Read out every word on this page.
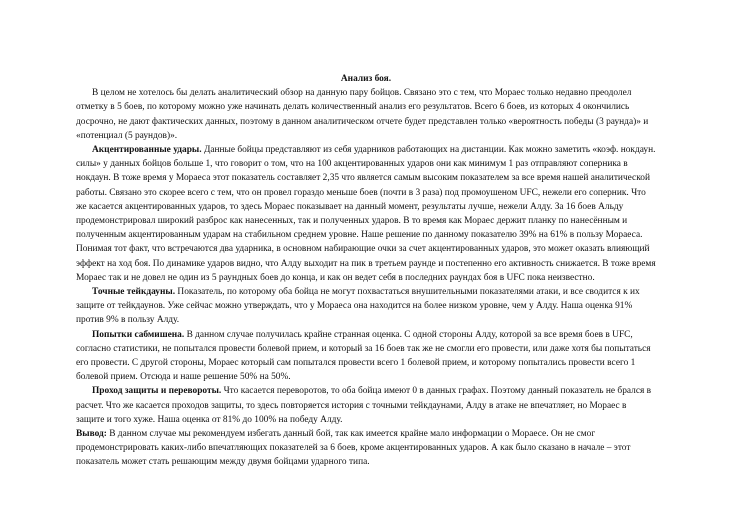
Анализ боя.

В целом не хотелось бы делать аналитический обзор на данную пару бойцов. Связано это с тем, что Мораес только недавно преодолел отметку в 5 боев, по которому можно уже начинать делать количественный анализ его результатов. Всего 6 боев, из которых 4 окончились досрочно, не дают фактических данных, поэтому в данном аналитическом отчете будет представлен только «вероятность победы (3 раунда)» и «потенциал (5 раундов)».

Акцентированные удары. Данные бойцы представляют из себя ударников работающих на дистанции. Как можно заметить «коэф. нокдаун. силы» у данных бойцов больше 1, что говорит о том, что на 100 акцентированных ударов они как минимум 1 раз отправляют соперника в нокдаун. В тоже время у Мораеса этот показатель составляет 2,35 что является самым высоким показателем за все время нашей аналитической работы. Связано это скорее всего с тем, что он провел гораздо меньше боев (почти в 3 раза) под промоушеном UFC, нежели его соперник. Что же касается акцентированных ударов, то здесь Мораес показывает на данный момент, результаты лучше, нежели Алду. За 16 боев Альду продемонстрировал широкий разброс как нанесенных, так и полученных ударов. В то время как Мораес держит планку по нанесённым и полученным акцентированным ударам на стабильном среднем уровне. Наше решение по данному показателю 39% на 61% в пользу Мораеса. Понимая тот факт, что встречаются два ударника, в основном набирающие очки за счет акцентированных ударов, это может оказать влияющий эффект на ход боя. По динамике ударов видно, что Алду выходит на пик в третьем раунде и постепенно его активность снижается. В тоже время Мораес так и не довел не один из 5 раундных боев до конца, и как он ведет себя в последних раундах боя в UFC пока неизвестно.

Точные тейкдауны. Показатель, по которому оба бойца не могут похвастаться внушительными показателями атаки, и все сводится к их защите от тейкдаунов. Уже сейчас можно утверждать, что у Мораеса она находится на более низком уровне, чем у Алду. Наша оценка 91% против 9% в пользу Алду.

Попытки сабмишена. В данном случае получилась крайне странная оценка. С одной стороны Алду, которой за все время боев в UFC, согласно статистики, не попытался провести болевой прием, и который за 16 боев так же не смогли его провести, или даже хотя бы попытаться его провести. С другой стороны, Мораес который сам попытался провести всего 1 болевой прием, и которому попытались провести всего 1 болевой прием. Отсюда и наше решение 50% на 50%.

Проход защиты и перевороты. Что касается переворотов, то оба бойца имеют 0 в данных графах. Поэтому данный показатель не брался в расчет. Что же касается проходов защиты, то здесь повторяется история с точными тейкдаунами, Алду в атаке не впечатляет, но Мораес в защите и того хуже. Наша оценка от 81% до 100% на победу Алду.

Вывод: В данном случае мы рекомендуем избегать данный бой, так как имеется крайне мало информации о Мораесе. Он не смог продемонстрировать каких-либо впечатляющих показателей за 6 боев, кроме акцентированных ударов. А как было сказано в начале – этот показатель может стать решающим между двумя бойцами ударного типа.
